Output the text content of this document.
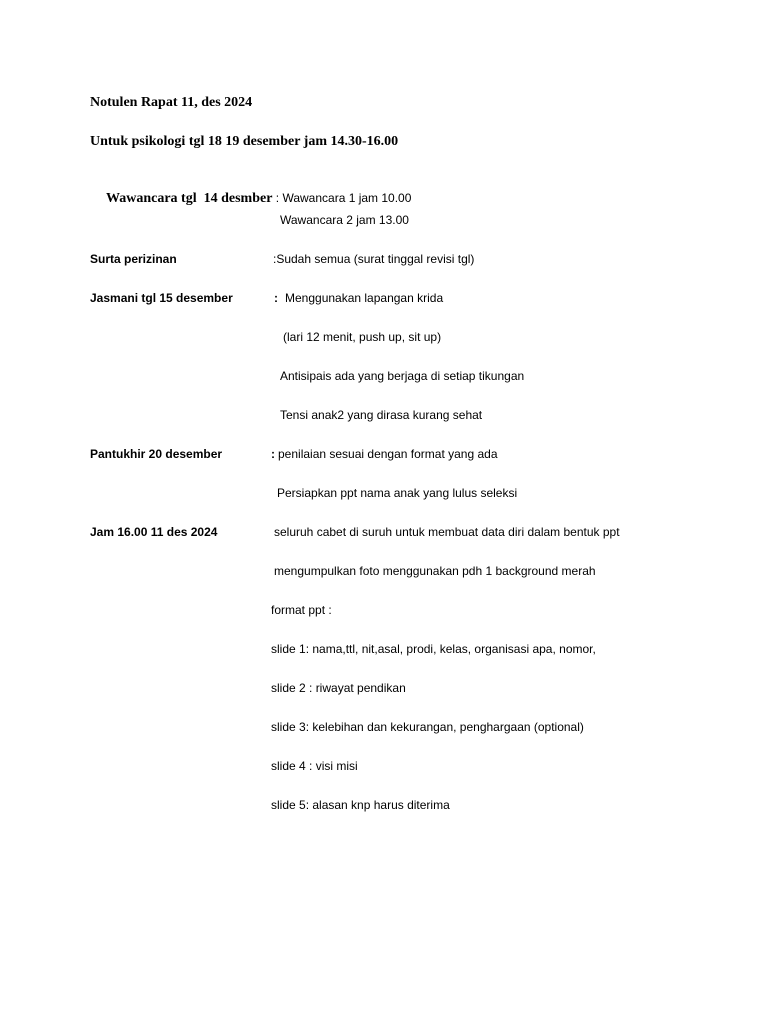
Notulen Rapat 11, des 2024
Untuk psikologi tgl 18 19 desember jam 14.30-16.00

Wawancara tgl  14 desmber : Wawancara 1 jam 10.00

Wawancara 2 jam 13.00
Surta perizinan	:Sudah semua (surat tinggal revisi tgl)
Jasmani tgl 15 desember	: Menggunakan lapangan krida
(lari 12 menit, push up, sit up)
Antisipais ada yang berjaga di setiap tikungan
Tensi anak2 yang dirasa kurang sehat
Pantukhir 20 desember	: penilaian sesuai dengan format yang ada
Persiapkan ppt nama anak yang lulus seleksi
Jam 16.00 11 des 2024	seluruh cabet di suruh untuk membuat data diri dalam bentuk ppt
mengumpulkan foto menggunakan pdh 1 background merah
format ppt :
slide 1: nama,ttl, nit,asal, prodi, kelas, organisasi apa, nomor,
slide 2 : riwayat pendikan
slide 3: kelebihan dan kekurangan, penghargaan (optional)
slide 4 : visi misi
slide 5: alasan knp harus diterima
